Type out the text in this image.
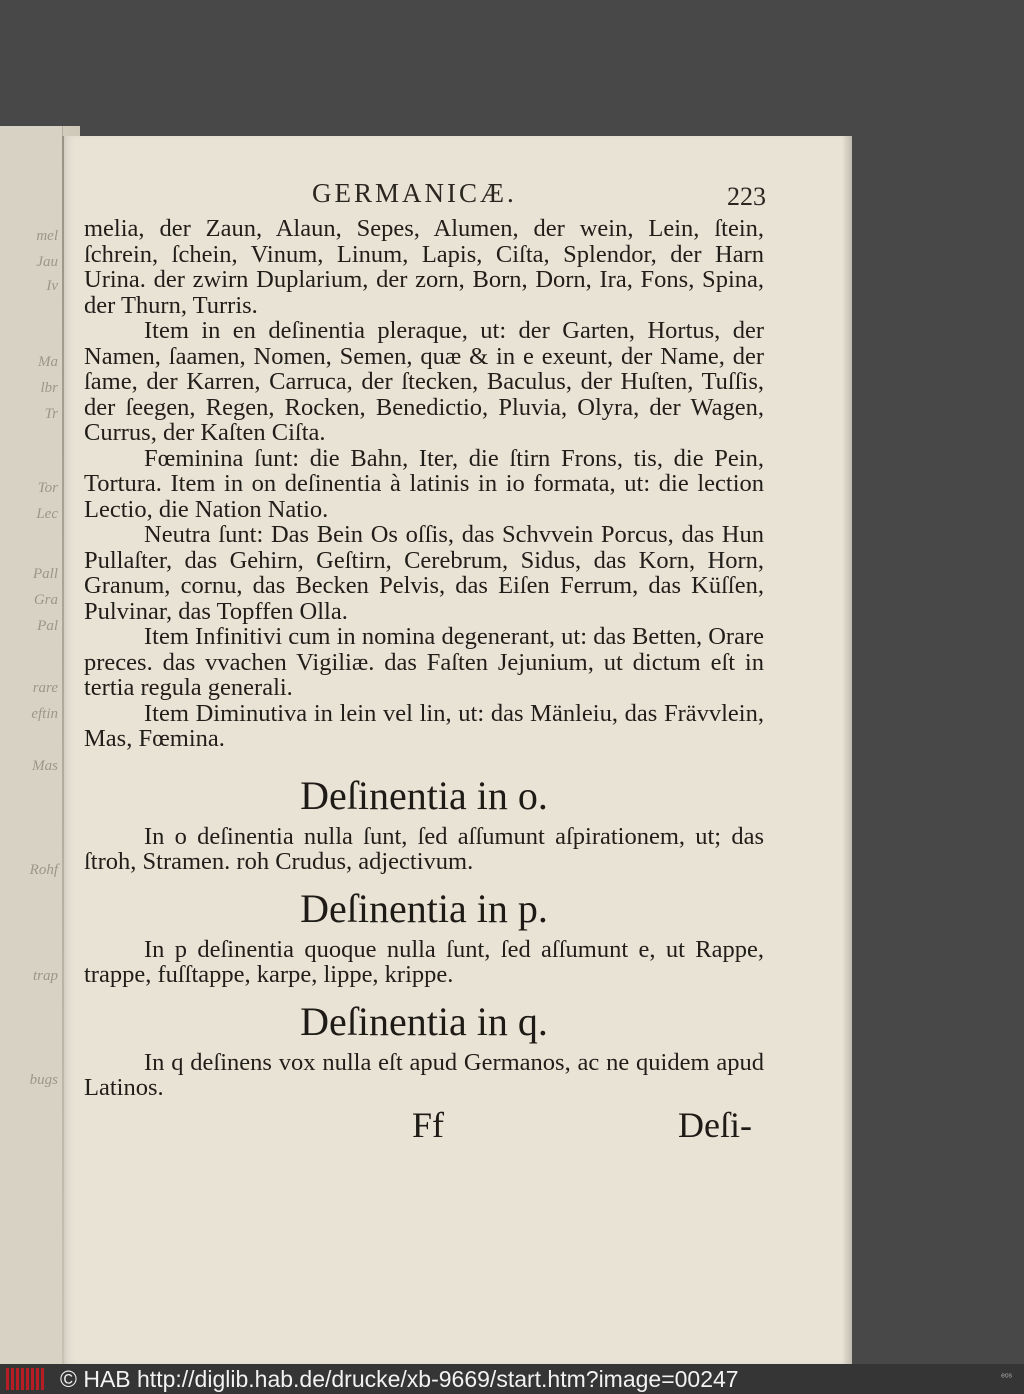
mel
Jau
Iv
Ma
lbr
Tr
Tor
Lec
Pall
Gra
Pal
rare
eftin
Mas
Rohf
trap
bugs
GERMANICÆ.	223

melia, der Zaun, Alaun, Sepes, Alumen, der wein, Lein, ſtein, ſchrein, ſchein, Vinum, Linum, Lapis, Ciſta, Splendor, der Harn Urina. der zwirn Duplarium, der zorn, Born, Dorn, Ira, Fons, Spina, der Thurn, Turris.

Item in en deſinentia pleraque, ut: der Garten, Hortus, der Namen, ſaamen, Nomen, Semen, quæ & in e exeunt, der Name, der ſame, der Karren, Carruca, der ſtecken, Baculus, der Huſten, Tuſſis, der ſeegen, Regen, Rocken, Benedictio, Pluvia, Olyra, der Wagen, Currus, der Kaſten Ciſta.

Fœminina ſunt: die Bahn, Iter, die ſtirn Frons, tis, die Pein, Tortura. Item in on deſinentia à latinis in io formata, ut: die lection Lectio, die Nation Natio.

Neutra ſunt: Das Bein Os oſſis, das Schvvein Porcus, das Hun Pullaſter, das Gehirn, Geſtirn, Cerebrum, Sidus, das Korn, Horn, Granum, cornu, das Becken Pelvis, das Eiſen Ferrum, das Küſſen, Pulvinar, das Topffen Olla.

Item Infinitivi cum in nomina degenerant, ut: das Betten, Orare preces. das vvachen Vigiliæ. das Faſten Jejunium, ut dictum eſt in tertia regula generali.

Item Diminutiva in lein vel lin, ut: das Mänleiu, das Frävvlein, Mas, Fœmina.

Deſinentia in o.

In o deſinentia nulla ſunt, ſed aſſumunt aſpirationem, ut; das ſtroh, Stramen. roh Crudus, adjectivum.

Deſinentia in p.

In p deſinentia quoque nulla ſunt, ſed aſſumunt e, ut Rappe, trappe, fuſſtappe, karpe, lippe, krippe.

Deſinentia in q.

In q deſinens vox nulla eſt apud Germanos, ac ne quidem apud Latinos.

Ff	Deſi-
© HAB http://diglib.hab.de/drucke/xb-9669/start.htm?image=00247	ᵉᵒˢ
